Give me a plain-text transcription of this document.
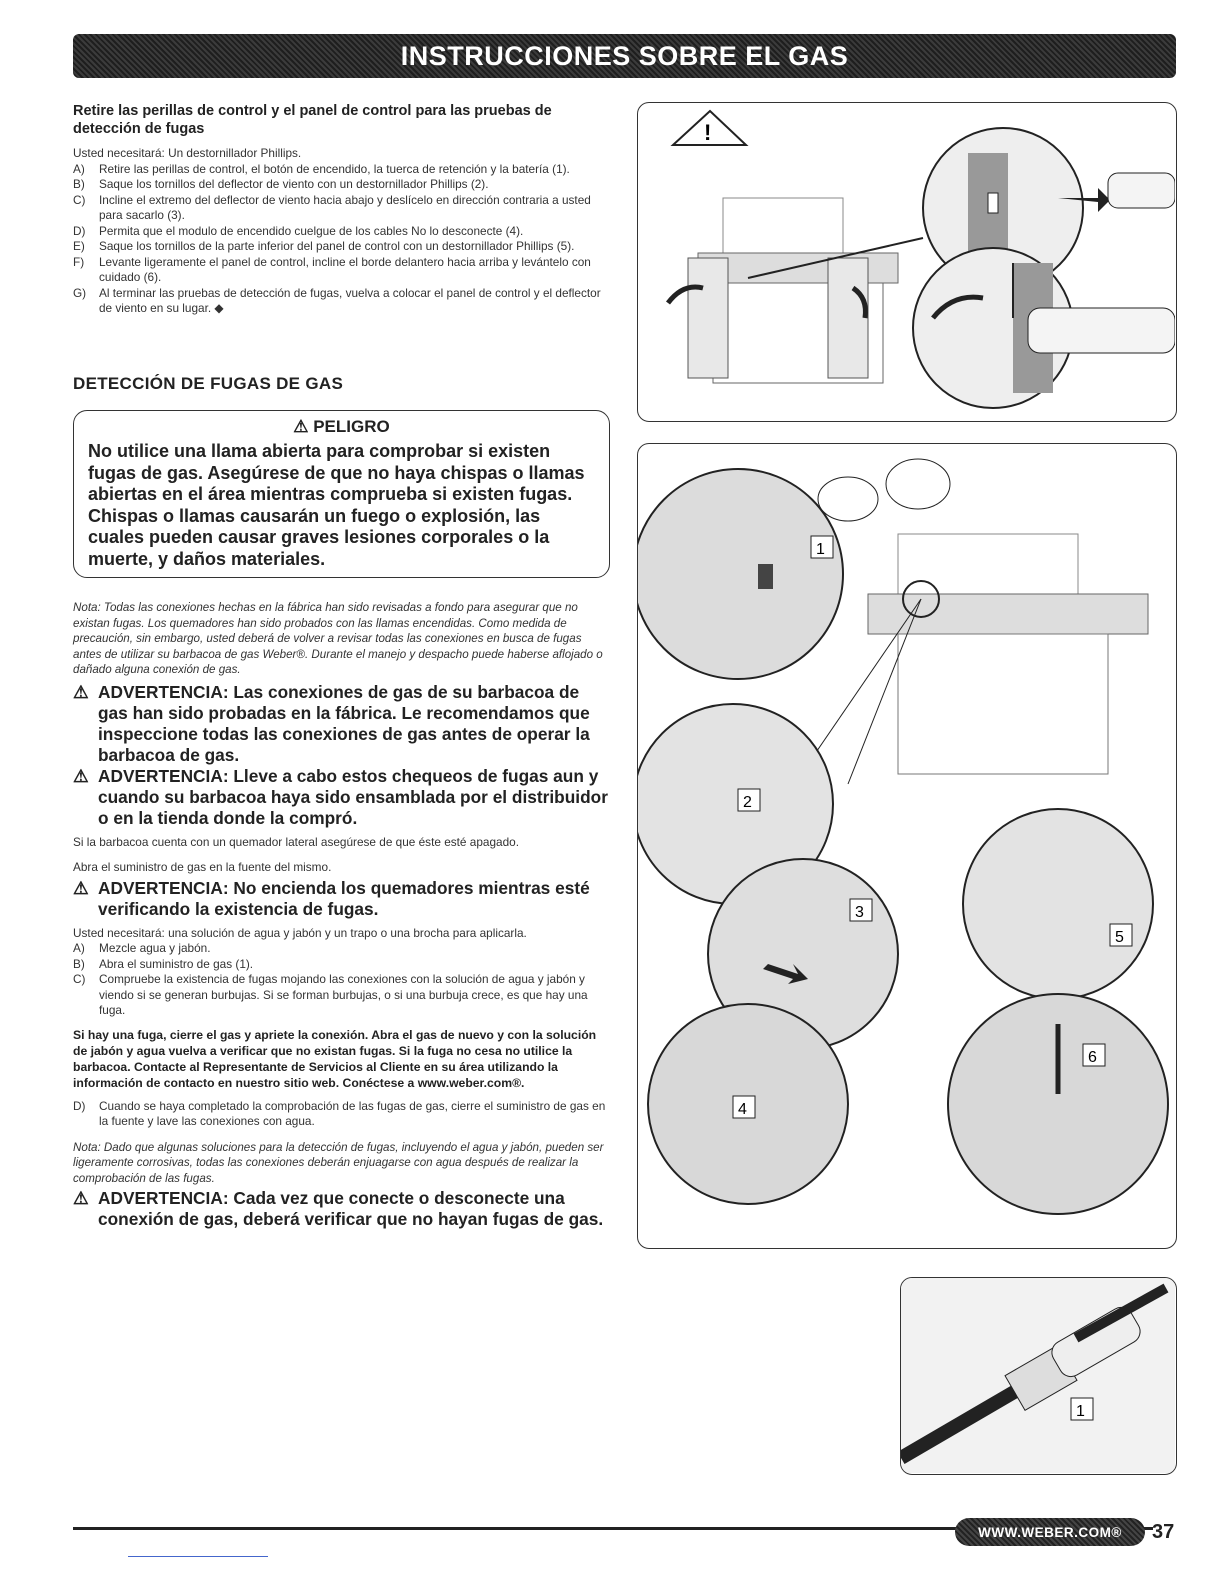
INSTRUCCIONES SOBRE EL GAS

Retire las perillas de control y el panel de control para las pruebas de detección de fugas

Usted necesitará: Un destornillador Phillips.

A) Retire las perillas de control, el botón de encendido, la tuerca de retención y la batería (1).
B) Saque los tornillos del deflector de viento con un destornillador Phillips (2).
C) Incline el extremo del deflector de viento hacia abajo y deslícelo en dirección contraria a usted para sacarlo (3).
D) Permita que el modulo de encendido cuelgue de los cables No lo desconecte (4).
E) Saque los tornillos de la parte inferior del panel de control con un destornillador Phillips (5).
F) Levante ligeramente el panel de control, incline el borde delantero hacia arriba y levántelo con cuidado (6).
G) Al terminar las pruebas de detección de fugas, vuelva a colocar el panel de control y el deflector de viento en su lugar. ◆

DETECCIÓN DE FUGAS DE GAS

⚠ PELIGRO
No utilice una llama abierta para comprobar si existen fugas de gas. Asegúrese de que no haya chispas o llamas abiertas en el área mientras comprueba si existen fugas. Chispas o llamas causarán un fuego o explosión, las cuales pueden causar graves lesiones corporales o la muerte, y daños materiales.

Nota: Todas las conexiones hechas en la fábrica han sido revisadas a fondo para asegurar que no existan fugas. Los quemadores han sido probados con las llamas encendidas. Como medida de precaución, sin embargo, usted deberá de volver a revisar todas las conexiones en busca de fugas antes de utilizar su barbacoa de gas Weber®. Durante el manejo y despacho puede haberse aflojado o dañado alguna conexión de gas.

⚠ ADVERTENCIA: Las conexiones de gas de su barbacoa de gas han sido probadas en la fábrica. Le recomendamos que inspeccione todas las conexiones de gas antes de operar la barbacoa de gas.

⚠ ADVERTENCIA: Lleve a cabo estos chequeos de fugas aun y cuando su barbacoa haya sido ensamblada por el distribuidor o en la tienda donde la compró.

Si la barbacoa cuenta con un quemador lateral asegúrese de que éste esté apagado.

Abra el suministro de gas en la fuente del mismo.

⚠ ADVERTENCIA: No encienda los quemadores mientras esté verificando la existencia de fugas.

Usted necesitará: una solución de agua y jabón y un trapo o una brocha para aplicarla.

A) Mezcle agua y jabón.
B) Abra el suministro de gas (1).
C) Compruebe la existencia de fugas mojando las conexiones con la solución de agua y jabón y viendo si se generan burbujas. Si se forman burbujas, o si una burbuja crece, es que hay una fuga.

Si hay una fuga, cierre el gas y apriete la conexión. Abra el gas de nuevo y con la solución de jabón y agua vuelva a verificar que no existan fugas. Si la fuga no cesa no utilice la barbacoa. Contacte al Representante de Servicios al Cliente en su área utilizando la información de contacto en nuestro sitio web. Conéctese a www.weber.com®.

D) Cuando se haya completado la comprobación de las fugas de gas, cierre el suministro de gas en la fuente y lave las conexiones con agua.

Nota: Dado que algunas soluciones para la detección de fugas, incluyendo el agua y jabón, pueden ser ligeramente corrosivas, todas las conexiones deberán enjuagarse con agua después de realizar la comprobación de las fugas.

⚠ ADVERTENCIA: Cada vez que conecte o desconecte una conexión de gas, deberá verificar que no hayan fugas de gas.

!
1
2
5
3
4
6
1
WWW.WEBER.COM® 37
